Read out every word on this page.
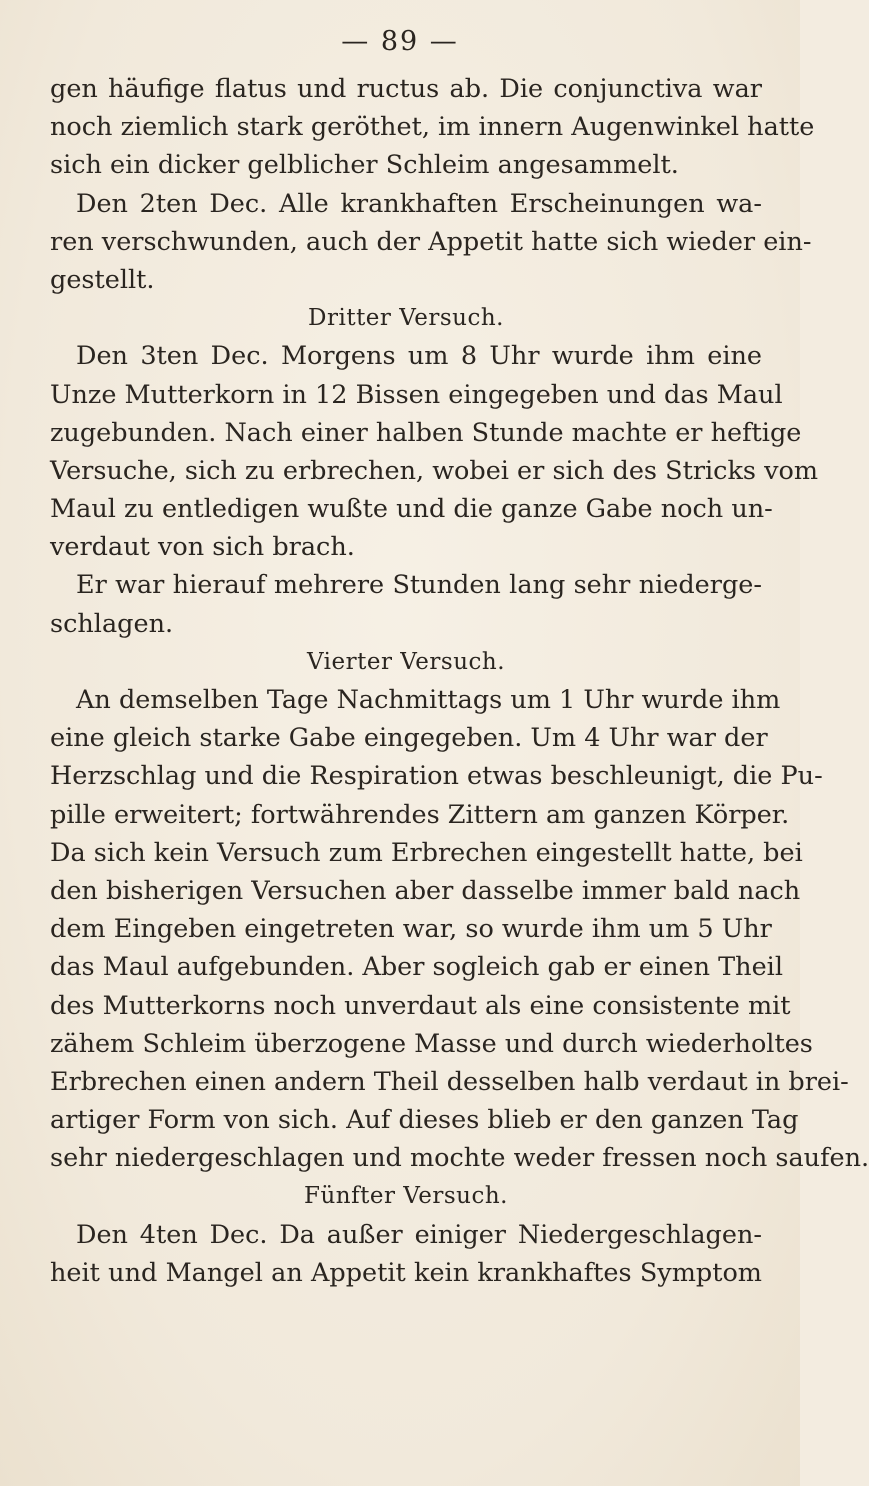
— 89 —
gen häufige flatus und ructus ab. Die conjunctiva war
noch ziemlich stark geröthet, im innern Augenwinkel hatte
sich ein dicker gelblicher Schleim angesammelt.
Den 2ten Dec. Alle krankhaften Erscheinungen wa-
ren verschwunden, auch der Appetit hatte sich wieder ein-
gestellt.
Dritter Versuch.
Den 3ten Dec. Morgens um 8 Uhr wurde ihm eine
Unze Mutterkorn in 12 Bissen eingegeben und das Maul
zugebunden. Nach einer halben Stunde machte er heftige
Versuche, sich zu erbrechen, wobei er sich des Stricks vom
Maul zu entledigen wußte und die ganze Gabe noch un-
verdaut von sich brach.
Er war hierauf mehrere Stunden lang sehr niederge-
schlagen.
Vierter Versuch.
An demselben Tage Nachmittags um 1 Uhr wurde ihm
eine gleich starke Gabe eingegeben. Um 4 Uhr war der
Herzschlag und die Respiration etwas beschleunigt, die Pu-
pille erweitert; fortwährendes Zittern am ganzen Körper.
Da sich kein Versuch zum Erbrechen eingestellt hatte, bei
den bisherigen Versuchen aber dasselbe immer bald nach
dem Eingeben eingetreten war, so wurde ihm um 5 Uhr
das Maul aufgebunden. Aber sogleich gab er einen Theil
des Mutterkorns noch unverdaut als eine consistente mit
zähem Schleim überzogene Masse und durch wiederholtes
Erbrechen einen andern Theil desselben halb verdaut in brei-
artiger Form von sich. Auf dieses blieb er den ganzen Tag
sehr niedergeschlagen und mochte weder fressen noch saufen.
Fünfter Versuch.
Den 4ten Dec. Da außer einiger Niedergeschlagen-
heit und Mangel an Appetit kein krankhaftes Symptom
